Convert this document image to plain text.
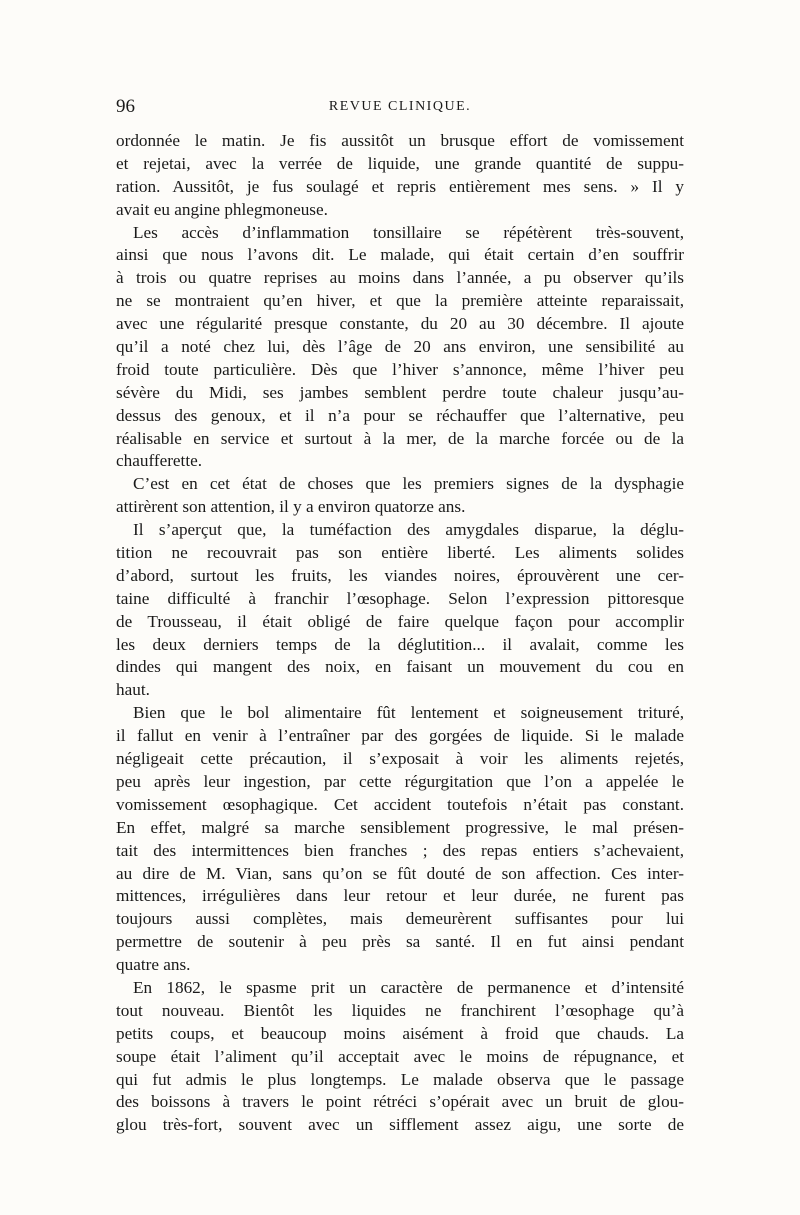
96	REVUE CLINIQUE.
ordonnée le matin. Je fis aussitôt un brusque effort de vomissement
et rejetai, avec la verrée de liquide, une grande quantité de suppu-
ration. Aussitôt, je fus soulagé et repris entièrement mes sens. » Il y
avait eu angine phlegmoneuse.
Les accès d’inflammation tonsillaire se répétèrent très-souvent,
ainsi que nous l’avons dit. Le malade, qui était certain d’en souffrir
à trois ou quatre reprises au moins dans l’année, a pu observer qu’ils
ne se montraient qu’en hiver, et que la première atteinte reparaissait,
avec une régularité presque constante, du 20 au 30 décembre. Il ajoute
qu’il a noté chez lui, dès l’âge de 20 ans environ, une sensibilité au
froid toute particulière. Dès que l’hiver s’annonce, même l’hiver peu
sévère du Midi, ses jambes semblent perdre toute chaleur jusqu’au-
dessus des genoux, et il n’a pour se réchauffer que l’alternative, peu
réalisable en service et surtout à la mer, de la marche forcée ou de la
chaufferette.
C’est en cet état de choses que les premiers signes de la dysphagie
attirèrent son attention, il y a environ quatorze ans.
Il s’aperçut que, la tuméfaction des amygdales disparue, la déglu-
tition ne recouvrait pas son entière liberté. Les aliments solides
d’abord, surtout les fruits, les viandes noires, éprouvèrent une cer-
taine difficulté à franchir l’œsophage. Selon l’expression pittoresque
de Trousseau, il était obligé de faire quelque façon pour accomplir
les deux derniers temps de la déglutition... il avalait, comme les
dindes qui mangent des noix, en faisant un mouvement du cou en
haut.
Bien que le bol alimentaire fût lentement et soigneusement trituré,
il fallut en venir à l’entraîner par des gorgées de liquide. Si le malade
négligeait cette précaution, il s’exposait à voir les aliments rejetés,
peu après leur ingestion, par cette régurgitation que l’on a appelée le
vomissement œsophagique. Cet accident toutefois n’était pas constant.
En effet, malgré sa marche sensiblement progressive, le mal présen-
tait des intermittences bien franches ; des repas entiers s’achevaient,
au dire de M. Vian, sans qu’on se fût douté de son affection. Ces inter-
mittences, irrégulières dans leur retour et leur durée, ne furent pas
toujours aussi complètes, mais demeurèrent suffisantes pour lui
permettre de soutenir à peu près sa santé. Il en fut ainsi pendant
quatre ans.
En 1862, le spasme prit un caractère de permanence et d’intensité
tout nouveau. Bientôt les liquides ne franchirent l’œsophage qu’à
petits coups, et beaucoup moins aisément à froid que chauds. La
soupe était l’aliment qu’il acceptait avec le moins de répugnance, et
qui fut admis le plus longtemps. Le malade observa que le passage
des boissons à travers le point rétréci s’opérait avec un bruit de glou-
glou très-fort, souvent avec un sifflement assez aigu, une sorte de
